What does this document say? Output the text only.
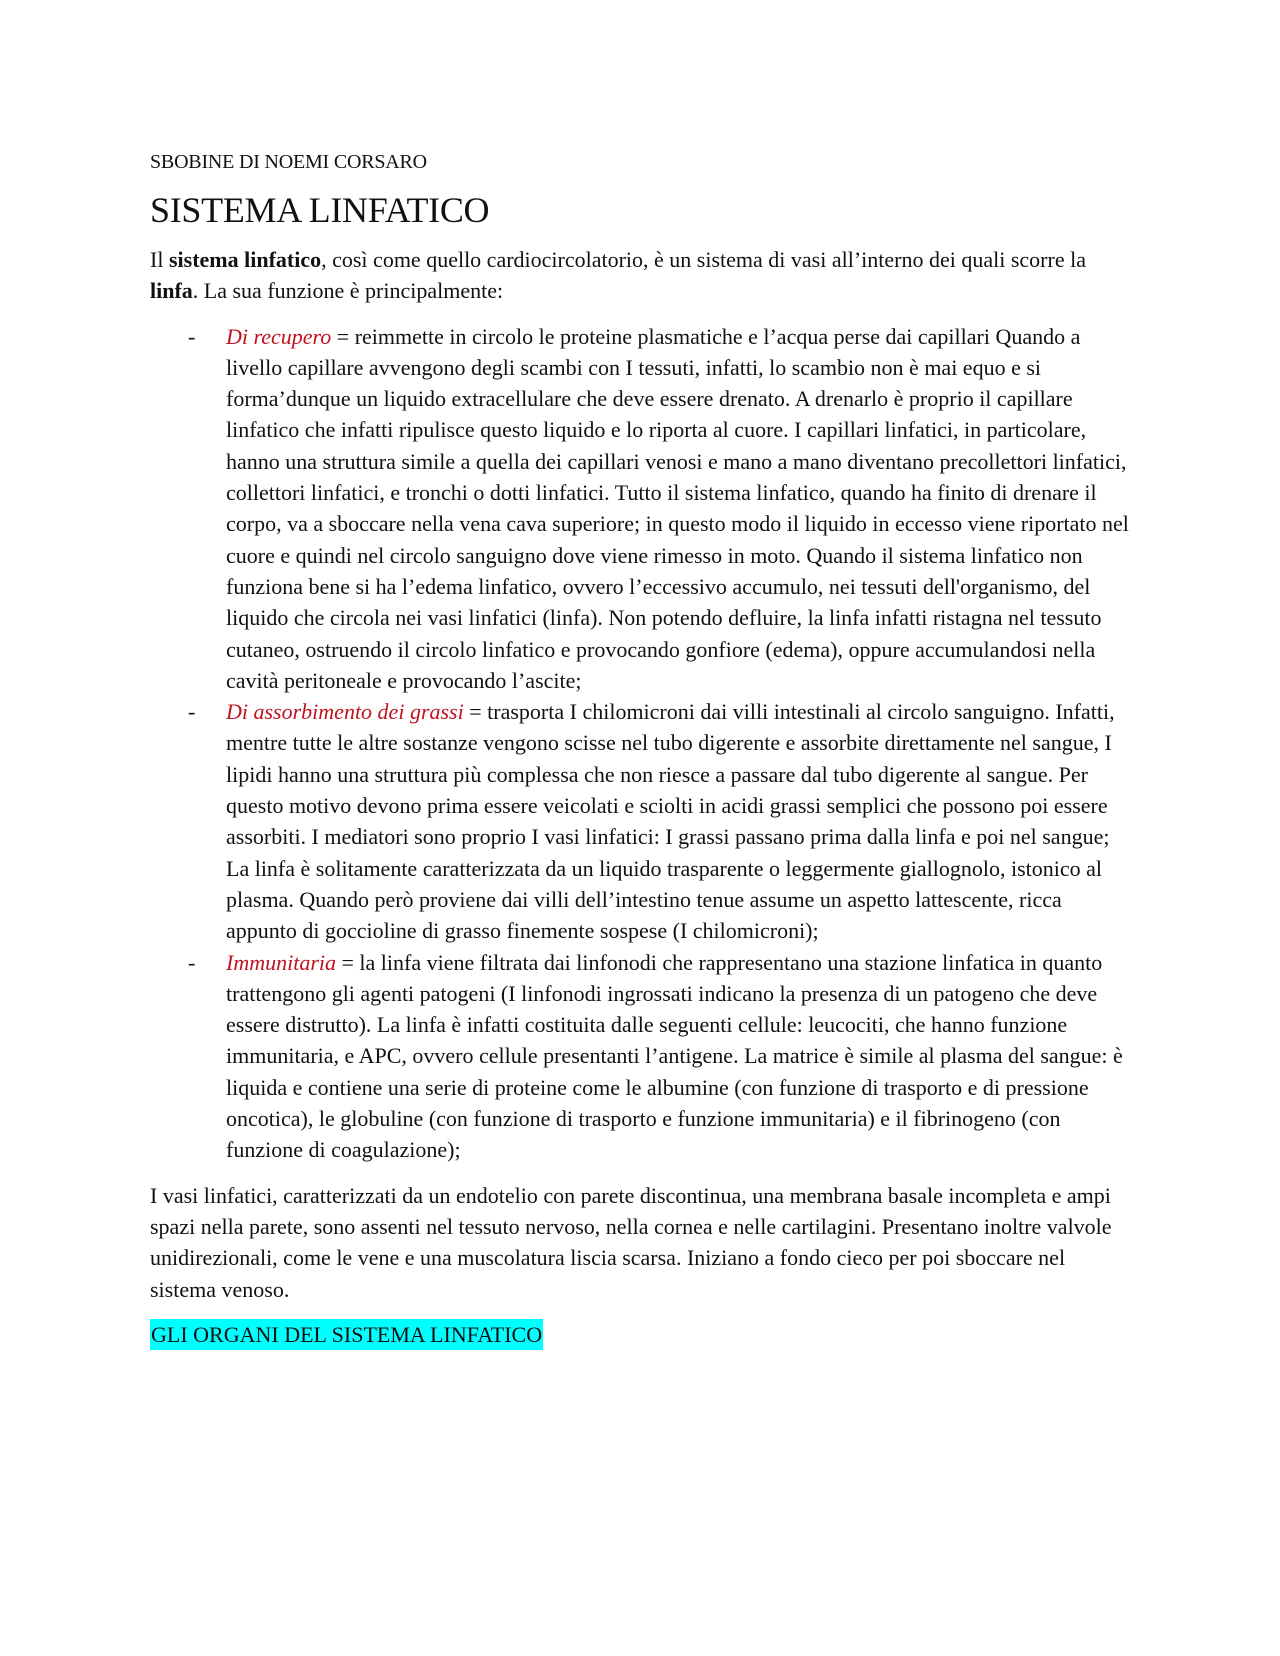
SBOBINE DI NOEMI CORSARO

SISTEMA LINFATICO

Il sistema linfatico, così come quello cardiocircolatorio, è un sistema di vasi all’interno dei quali scorre la linfa. La sua funzione è principalmente:

- Di recupero = reimmette in circolo le proteine plasmatiche e l’acqua perse dai capillari Quando a livello capillare avvengono degli scambi con I tessuti, infatti, lo scambio non è mai equo e si forma’dunque un liquido extracellulare che deve essere drenato. A drenarlo è proprio il capillare linfatico che infatti ripulisce questo liquido e lo riporta al cuore. I capillari linfatici, in particolare, hanno una struttura simile a quella dei capillari venosi e mano a mano diventano precollettori linfatici, collettori linfatici, e tronchi o dotti linfatici. Tutto il sistema linfatico, quando ha finito di drenare il corpo, va a sboccare nella vena cava superiore; in questo modo il liquido in eccesso viene riportato nel cuore e quindi nel circolo sanguigno dove viene rimesso in moto. Quando il sistema linfatico non funziona bene si ha l’edema linfatico, ovvero l’eccessivo accumulo, nei tessuti dell'organismo, del liquido che circola nei vasi linfatici (linfa). Non potendo defluire, la linfa infatti ristagna nel tessuto cutaneo, ostruendo il circolo linfatico e provocando gonfiore (edema), oppure accumulandosi nella cavità peritoneale e provocando l’ascite;
- Di assorbimento dei grassi = trasporta I chilomicroni dai villi intestinali al circolo sanguigno. Infatti, mentre tutte le altre sostanze vengono scisse nel tubo digerente e assorbite direttamente nel sangue, I lipidi hanno una struttura più complessa che non riesce a passare dal tubo digerente al sangue. Per questo motivo devono prima essere veicolati e sciolti in acidi grassi semplici che possono poi essere assorbiti. I mediatori sono proprio I vasi linfatici: I grassi passano prima dalla linfa e poi nel sangue; La linfa è solitamente caratterizzata da un liquido trasparente o leggermente giallognolo, istonico al plasma. Quando però proviene dai villi dell’intestino tenue assume un aspetto lattescente, ricca appunto di goccioline di grasso finemente sospese (I chilomicroni);
- Immunitaria = la linfa viene filtrata dai linfonodi che rappresentano una stazione linfatica in quanto trattengono gli agenti patogeni (I linfonodi ingrossati indicano la presenza di un patogeno che deve essere distrutto). La linfa è infatti costituita dalle seguenti cellule: leucociti, che hanno funzione immunitaria, e APC, ovvero cellule presentanti l’antigene. La matrice è simile al plasma del sangue: è liquida e contiene una serie di proteine come le albumine (con funzione di trasporto e di pressione oncotica), le globuline (con funzione di trasporto e funzione immunitaria) e il fibrinogeno (con funzione di coagulazione);

I vasi linfatici, caratterizzati da un endotelio con parete discontinua, una membrana basale incompleta e ampi spazi nella parete, sono assenti nel tessuto nervoso, nella cornea e nelle cartilagini. Presentano inoltre valvole unidirezionali, come le vene e una muscolatura liscia scarsa. Iniziano a fondo cieco per poi sboccare nel sistema venoso.

GLI ORGANI DEL SISTEMA LINFATICO
